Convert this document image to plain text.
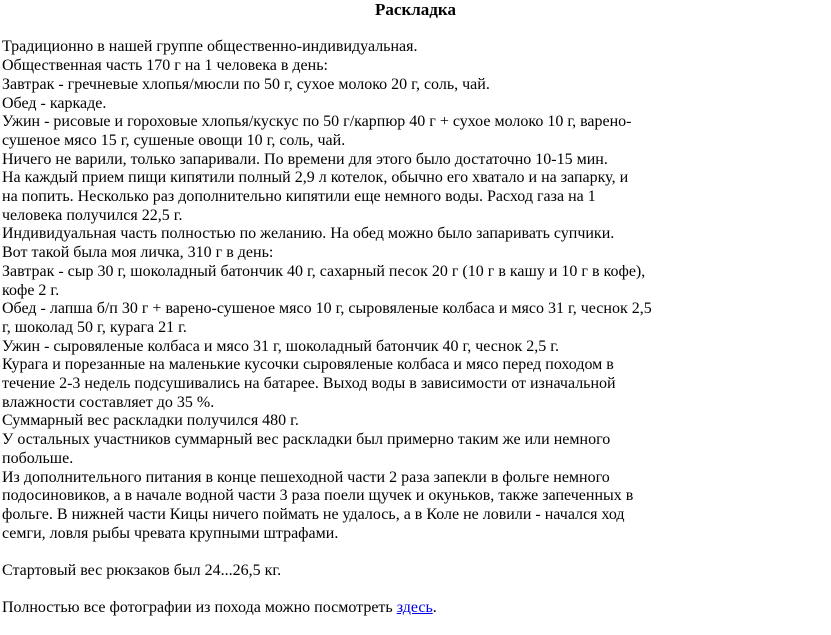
Раскладка
Традиционно в нашей группе общественно-индивидуальная.
Общественная часть 170 г на 1 человека в день:
Завтрак - гречневые хлопья/мюсли по 50 г, сухое молоко 20 г, соль, чай.
Обед - каркаде.
Ужин - рисовые и гороховые хлопья/кускус по 50 г/карпюр 40 г + сухое молоко 10 г, варено-
сушеное мясо 15 г, сушеные овощи 10 г, соль, чай.
Ничего не варили, только запаривали. По времени для этого было достаточно 10-15 мин.
На каждый прием пищи кипятили полный 2,9 л котелок, обычно его хватало и на запарку, и
на попить. Несколько раз дополнительно кипятили еще немного воды. Расход газа на 1
человека получился 22,5 г.
Индивидуальная часть полностью по желанию. На обед можно было запаривать супчики.
Вот такой была моя личка, 310 г в день:
Завтрак - сыр 30 г, шоколадный батончик 40 г, сахарный песок 20 г (10 г в кашу и 10 г в кофе),
кофе 2 г.
Обед - лапша б/п 30 г + варено-сушеное мясо 10 г, сыровяленые колбаса и мясо 31 г, чеснок 2,5
г, шоколад 50 г, курага 21 г.
Ужин - сыровяленые колбаса и мясо 31 г, шоколадный батончик 40 г, чеснок 2,5 г.
Курага и порезанные на маленькие кусочки сыровяленые колбаса и мясо перед походом в
течение 2-3 недель подсушивались на батарее. Выход воды в зависимости от изначальной
влажности составляет до 35 %.
Суммарный вес раскладки получился 480 г.
У остальных участников суммарный вес раскладки был примерно таким же или немного
побольше.
Из дополнительного питания в конце пешеходной части 2 раза запекли в фольге немного
подосиновиков, а в начале водной части 3 раза поели щучек и окуньков, также запеченных в
фольге. В нижней части Кицы ничего поймать не удалось, а в Коле не ловили - начался ход
семги, ловля рыбы чревата крупными штрафами.
Стартовый вес рюкзаков был 24...26,5 кг.
Полностью все фотографии из похода можно посмотреть здесь.
